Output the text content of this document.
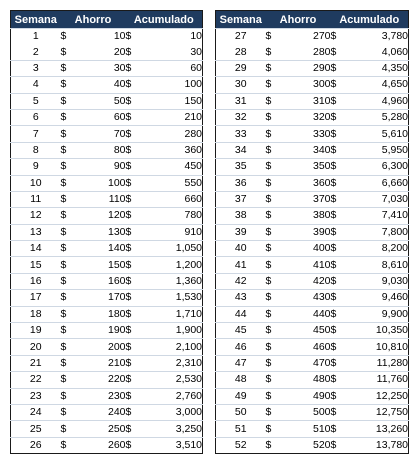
Semana	Ahorro		Acumulado	
1	$	10	$	10
2	$	20	$	30
3	$	30	$	60
4	$	40	$	100
5	$	50	$	150
6	$	60	$	210
7	$	70	$	280
8	$	80	$	360
9	$	90	$	450
10	$	100	$	550
11	$	110	$	660
12	$	120	$	780
13	$	130	$	910
14	$	140	$	1,050
15	$	150	$	1,200
16	$	160	$	1,360
17	$	170	$	1,530
18	$	180	$	1,710
19	$	190	$	1,900
20	$	200	$	2,100
21	$	210	$	2,310
22	$	220	$	2,530
23	$	230	$	2,760
24	$	240	$	3,000
25	$	250	$	3,250
26	$	260	$	3,510
Semana	Ahorro		Acumulado	
27	$	270	$	3,780
28	$	280	$	4,060
29	$	290	$	4,350
30	$	300	$	4,650
31	$	310	$	4,960
32	$	320	$	5,280
33	$	330	$	5,610
34	$	340	$	5,950
35	$	350	$	6,300
36	$	360	$	6,660
37	$	370	$	7,030
38	$	380	$	7,410
39	$	390	$	7,800
40	$	400	$	8,200
41	$	410	$	8,610
42	$	420	$	9,030
43	$	430	$	9,460
44	$	440	$	9,900
45	$	450	$	10,350
46	$	460	$	10,810
47	$	470	$	11,280
48	$	480	$	11,760
49	$	490	$	12,250
50	$	500	$	12,750
51	$	510	$	13,260
52	$	520	$	13,780
